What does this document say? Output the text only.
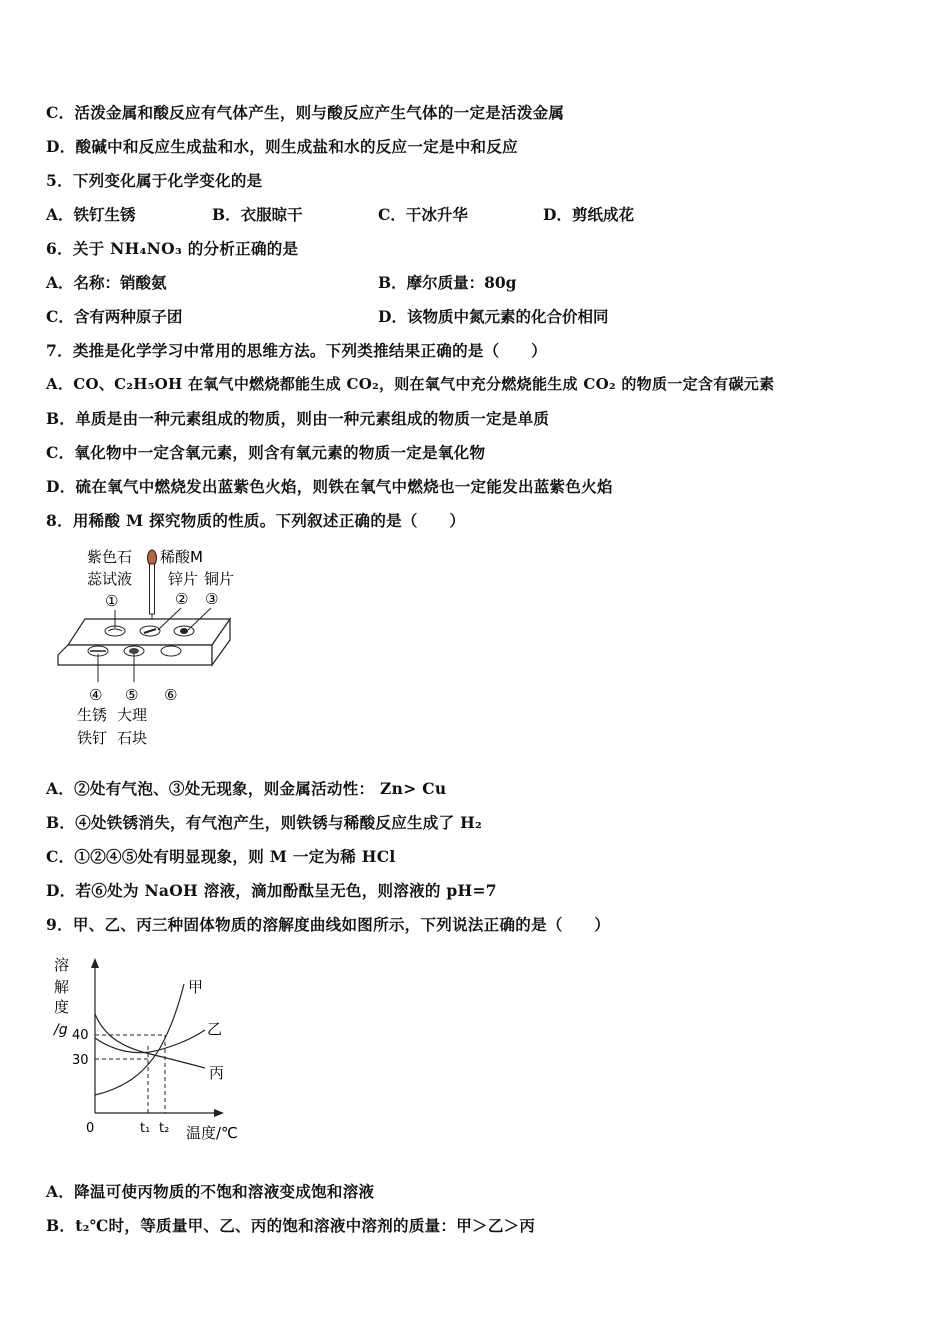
C．活泼金属和酸反应有气体产生，则与酸反应产生气体的一定是活泼金属
D．酸碱中和反应生成盐和水，则生成盐和水的反应一定是中和反应
5．下列变化属于化学变化的是
A．铁钉生锈	B．衣服晾干	C．干冰升华	D．剪纸成花
6．关于 NH₄NO₃ 的分析正确的是
A．名称：销酸氨	B．摩尔质量：80g
C．含有两种原子团	D．该物质中氮元素的化合价相同
7．类推是化学学习中常用的思维方法。下列类推结果正确的是（　　）
A．CO、C₂H₅OH 在氧气中燃烧都能生成 CO₂，则在氧气中充分燃烧能生成 CO₂ 的物质一定含有碳元素
B．单质是由一种元素组成的物质，则由一种元素组成的物质一定是单质
C．氧化物中一定含氧元素，则含有氧元素的物质一定是氧化物
D．硫在氧气中燃烧发出蓝紫色火焰，则铁在氧气中燃烧也一定能发出蓝紫色火焰
8．用稀酸 M 探究物质的性质。下列叙述正确的是（　　）
紫色石
蕊试液
稀酸M
锌片 铜片
①	② ③
④ ⑤ ⑥
生锈
铁钉
大理
石块
A．②处有气泡、③处无现象，则金属活动性： Zn> Cu
B．④处铁锈消失，有气泡产生，则铁锈与稀酸反应生成了 H₂
C．①②④⑤处有明显现象，则 M 一定为稀 HCl
D．若⑥处为 NaOH 溶液，滴加酚酞呈无色，则溶液的 pH=7
9．甲、乙、丙三种固体物质的溶解度曲线如图所示，下列说法正确的是（　　）
溶
解
度
/g 40
30
0	t₁ t₂ 温度/℃
甲
乙
丙
A．降温可使丙物质的不饱和溶液变成饱和溶液
B．t₂℃时，等质量甲、乙、丙的饱和溶液中溶剂的质量：甲＞乙＞丙
